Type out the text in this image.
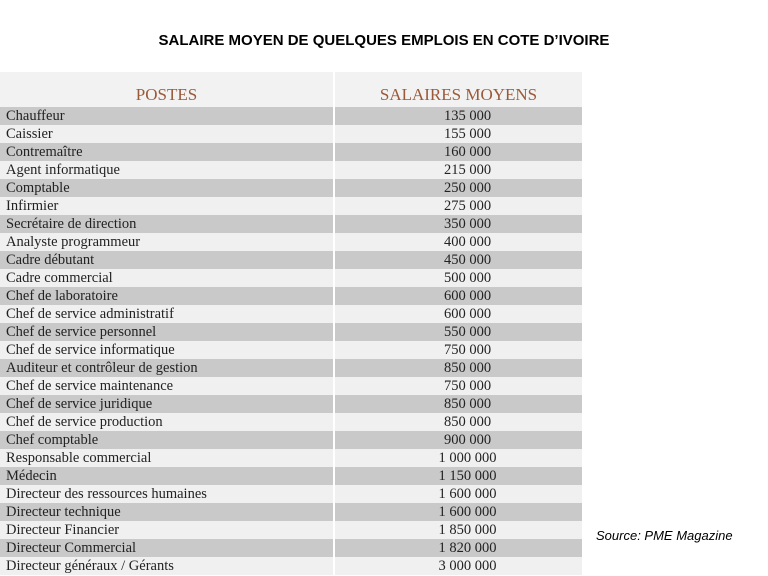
SALAIRE MOYEN DE QUELQUES EMPLOIS EN COTE D’IVOIRE
POSTES	SALAIRES MOYENS
Chauffeur	135 000
Caissier	155 000
Contremaître	160 000
Agent informatique	215 000
Comptable	250 000
Infirmier	275 000
Secrétaire de direction	350 000
Analyste programmeur	400 000
Cadre débutant	450 000
Cadre commercial	500 000
Chef de laboratoire	600 000
Chef de service administratif	600 000
Chef de service personnel	550 000
Chef de service informatique	750 000
Auditeur et contrôleur de gestion	850 000
Chef de service maintenance	750 000
Chef de service juridique	850 000
Chef de service production	850 000
Chef comptable	900 000
Responsable commercial	1 000 000
Médecin	1 150 000
Directeur des ressources humaines	1 600 000
Directeur technique	1 600 000
Directeur Financier	1 850 000
Directeur Commercial	1 820 000
Directeur généraux / Gérants	3 000 000
Source: PME Magazine
